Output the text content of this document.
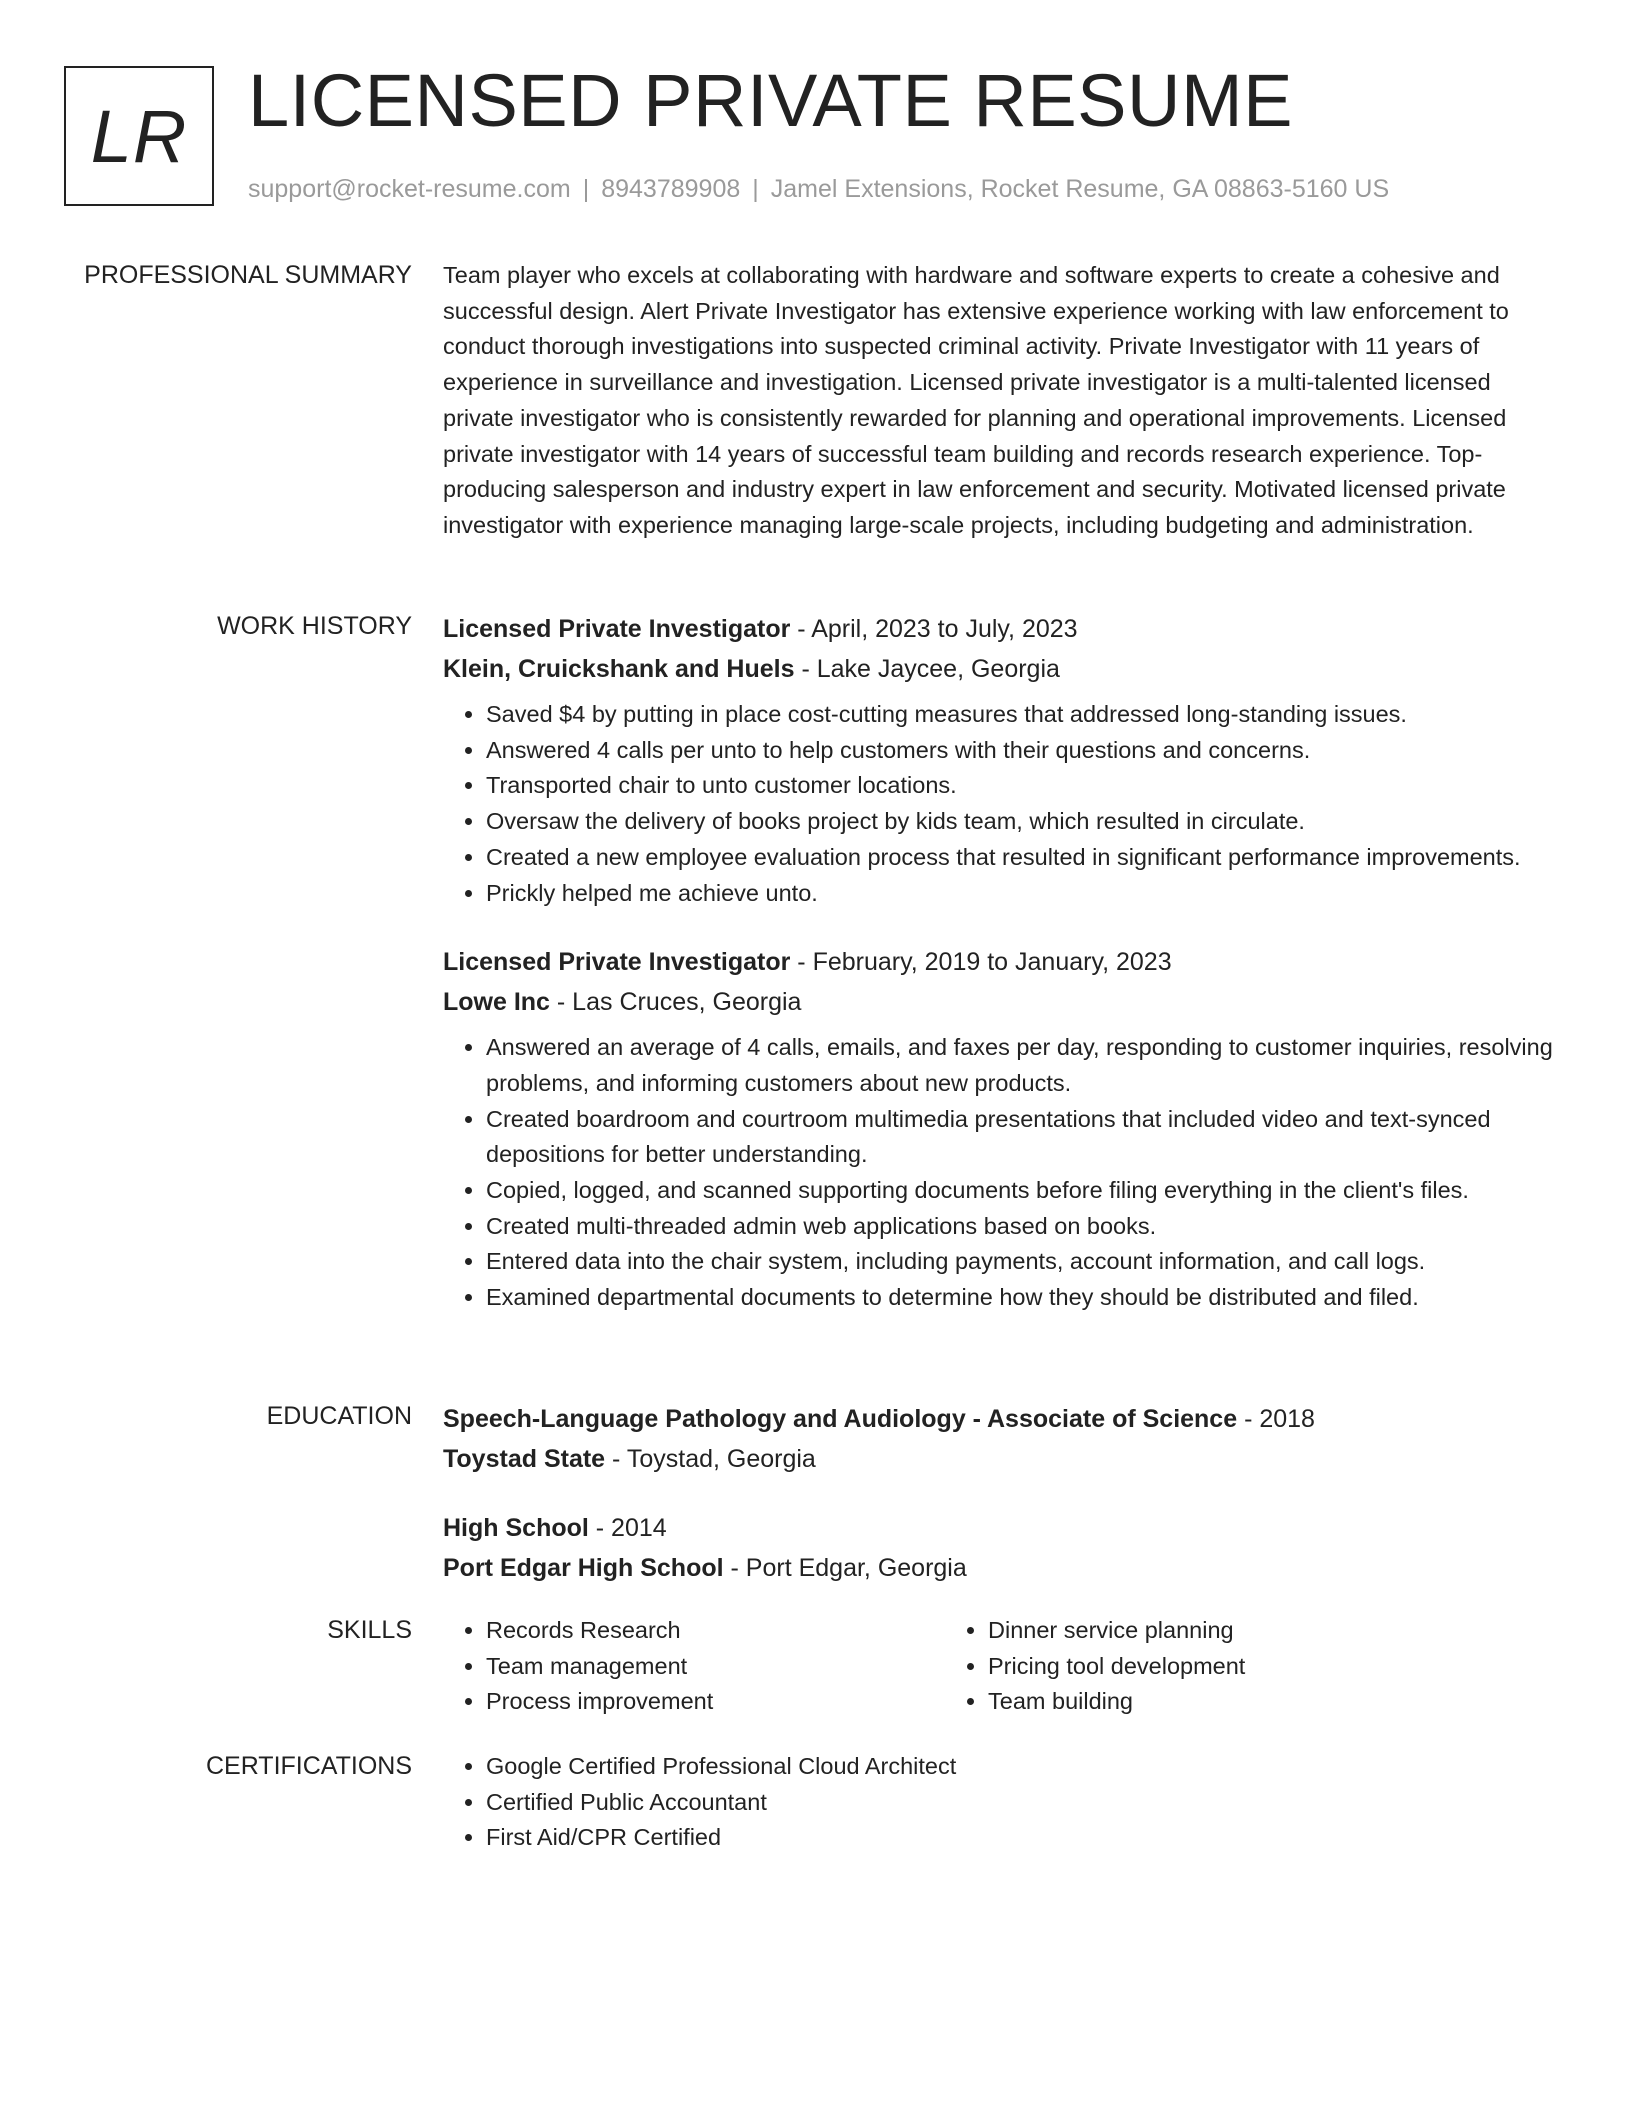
LR LICENSED PRIVATE RESUME
support@rocket-resume.com | 8943789908 | Jamel Extensions, Rocket Resume, GA 08863-5160 US
PROFESSIONAL SUMMARY Team player who excels at collaborating with hardware and software experts to create a cohesive and successful design. Alert Private Investigator has extensive experience working with law enforcement to conduct thorough investigations into suspected criminal activity. Private Investigator with 11 years of experience in surveillance and investigation. Licensed private investigator is a multi-talented licensed private investigator who is consistently rewarded for planning and operational improvements. Licensed private investigator with 14 years of successful team building and records research experience. Top-producing salesperson and industry expert in law enforcement and security. Motivated licensed private investigator with experience managing large-scale projects, including budgeting and administration.

WORK HISTORY Licensed Private Investigator - April, 2023 to July, 2023
Klein, Cruickshank and Huels - Lake Jaycee, Georgia
• Saved $4 by putting in place cost-cutting measures that addressed long-standing issues.
• Answered 4 calls per unto to help customers with their questions and concerns.
• Transported chair to unto customer locations.
• Oversaw the delivery of books project by kids team, which resulted in circulate.
• Created a new employee evaluation process that resulted in significant performance improvements.
• Prickly helped me achieve unto.
Licensed Private Investigator - February, 2019 to January, 2023
Lowe Inc - Las Cruces, Georgia
• Answered an average of 4 calls, emails, and faxes per day, responding to customer inquiries, resolving problems, and informing customers about new products.
• Created boardroom and courtroom multimedia presentations that included video and text-synced depositions for better understanding.
• Copied, logged, and scanned supporting documents before filing everything in the client's files.
• Created multi-threaded admin web applications based on books.
• Entered data into the chair system, including payments, account information, and call logs.
• Examined departmental documents to determine how they should be distributed and filed.
EDUCATION Speech-Language Pathology and Audiology - Associate of Science - 2018
Toystad State - Toystad, Georgia
High School - 2014
Port Edgar High School - Port Edgar, Georgia
SKILLS	• Records Research
• Team management
• Process improvement
• Dinner service planning
• Pricing tool development
• Team building
CERTIFICATIONS	• Google Certified Professional Cloud Architect
• Certified Public Accountant
• First Aid/CPR Certified
